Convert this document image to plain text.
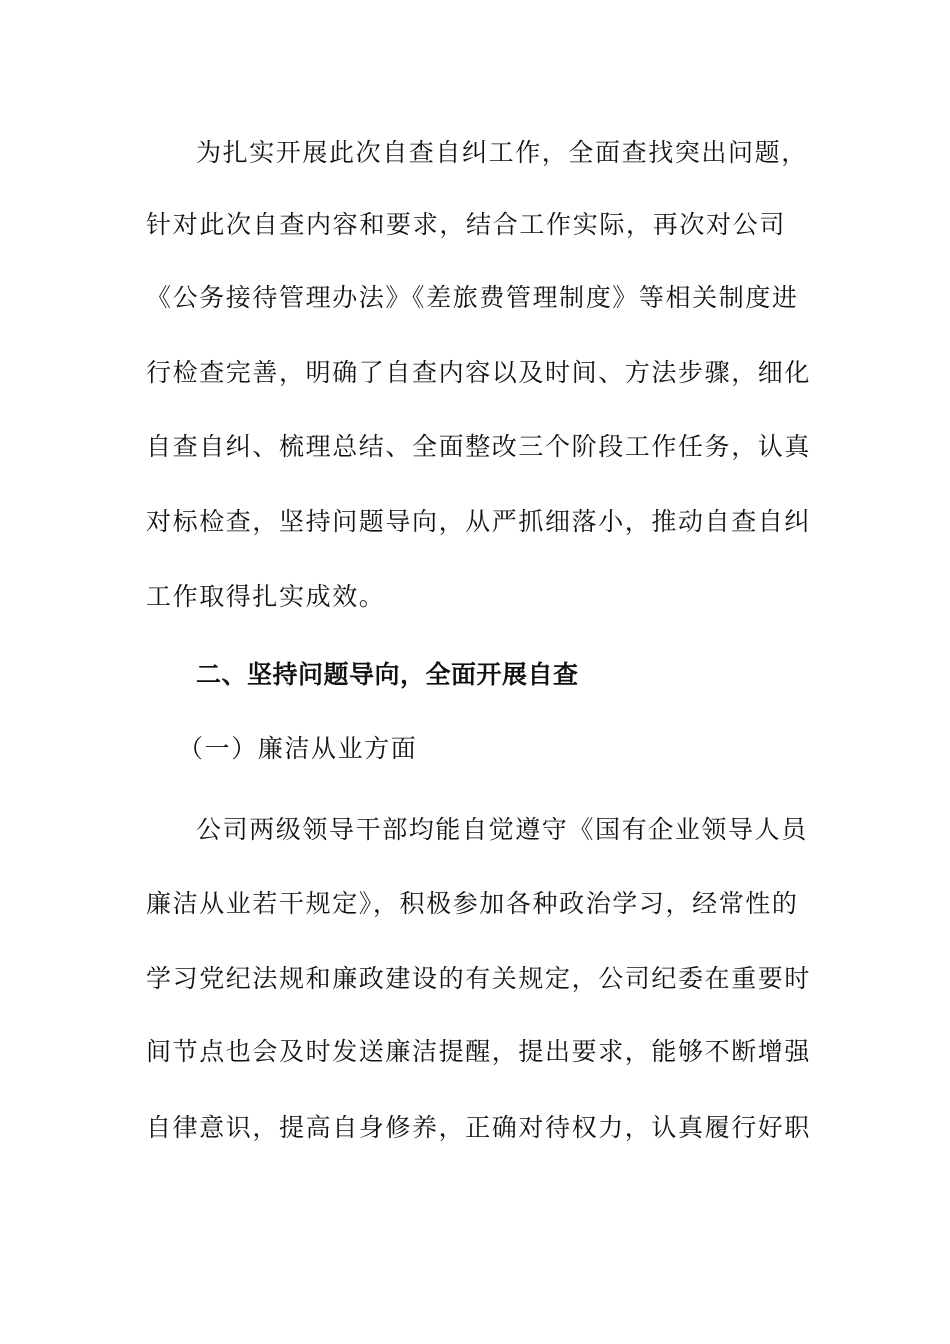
为扎实开展此次自查自纠工作，全面查找突出问题，
针对此次自查内容和要求，结合工作实际，再次对公司
《公务接待管理办法》《差旅费管理制度》等相关制度进
行检查完善，明确了自查内容以及时间、方法步骤，细化
自查自纠、梳理总结、全面整改三个阶段工作任务，认真
对标检查，坚持问题导向，从严抓细落小，推动自查自纠
工作取得扎实成效。
二、坚持问题导向，全面开展自查
（一）廉洁从业方面
公司两级领导干部均能自觉遵守《国有企业领导人员
廉洁从业若干规定》，积极参加各种政治学习，经常性的
学习党纪法规和廉政建设的有关规定，公司纪委在重要时
间节点也会及时发送廉洁提醒，提出要求，能够不断增强
自律意识，提高自身修养，正确对待权力，认真履行好职
